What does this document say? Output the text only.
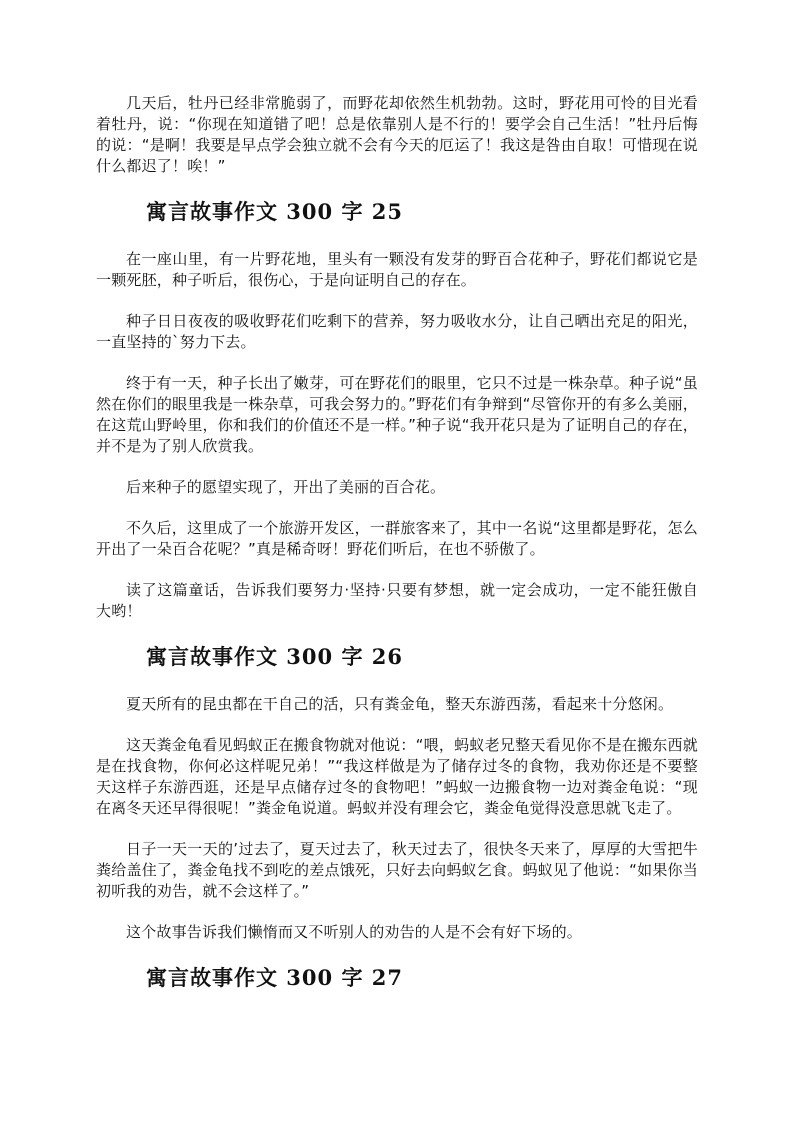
几天后，牡丹已经非常脆弱了，而野花却依然生机勃勃。这时，野花用可怜的目光看着牡丹，说：“你现在知道错了吧！总是依靠别人是不行的！要学会自己生活！”牡丹后悔的说：“是啊！我要是早点学会独立就不会有今天的厄运了！我这是咎由自取！可惜现在说什么都迟了！唉！”

寓言故事作文 300 字 25

在一座山里，有一片野花地，里头有一颗没有发芽的野百合花种子，野花们都说它是一颗死胚，种子听后，很伤心，于是向证明自己的存在。

种子日日夜夜的吸收野花们吃剩下的营养，努力吸收水分，让自己晒出充足的阳光，一直坚持的`努力下去。

终于有一天，种子长出了嫩芽，可在野花们的眼里，它只不过是一株杂草。种子说“虽然在你们的眼里我是一株杂草，可我会努力的。”野花们有争辩到“尽管你开的有多么美丽，在这荒山野岭里，你和我们的价值还不是一样。”种子说“我开花只是为了证明自己的存在，并不是为了别人欣赏我。

后来种子的愿望实现了，开出了美丽的百合花。

不久后，这里成了一个旅游开发区，一群旅客来了，其中一名说“这里都是野花，怎么开出了一朵百合花呢？”真是稀奇呀！野花们听后，在也不骄傲了。

读了这篇童话，告诉我们要努力·坚持·只要有梦想，就一定会成功，一定不能狂傲自大哟！

寓言故事作文 300 字 26

夏天所有的昆虫都在干自己的活，只有粪金龟，整天东游西荡，看起来十分悠闲。

这天粪金龟看见蚂蚁正在搬食物就对他说：“喂，蚂蚁老兄整天看见你不是在搬东西就是在找食物，你何必这样呢兄弟！”“我这样做是为了储存过冬的食物，我劝你还是不要整天这样子东游西逛，还是早点储存过冬的食物吧！”蚂蚁一边搬食物一边对粪金龟说：“现在离冬天还早得很呢！”粪金龟说道。蚂蚁并没有理会它，粪金龟觉得没意思就飞走了。

日子一天一天的’过去了，夏天过去了，秋天过去了，很快冬天来了，厚厚的大雪把牛粪给盖住了，粪金龟找不到吃的差点饿死，只好去向蚂蚁乞食。蚂蚁见了他说：“如果你当初听我的劝告，就不会这样了。”

这个故事告诉我们懒惰而又不听别人的劝告的人是不会有好下场的。

寓言故事作文 300 字 27
